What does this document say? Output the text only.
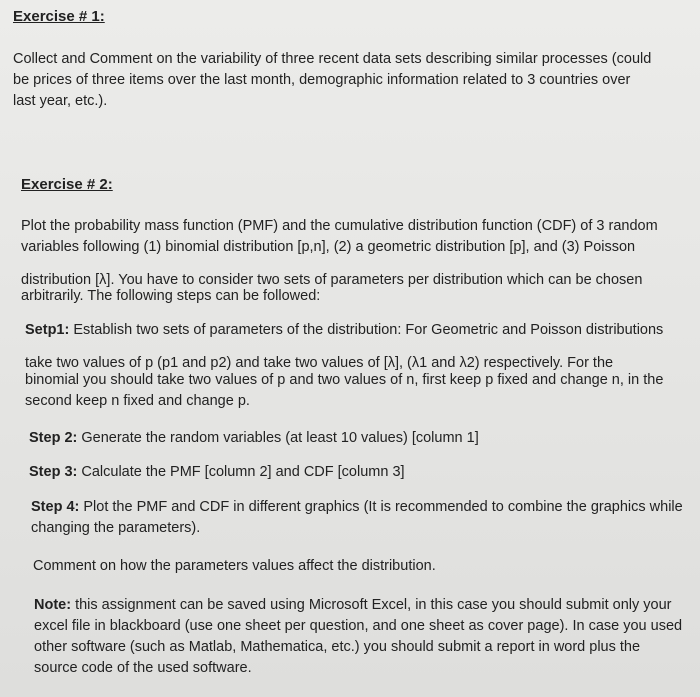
Exercise # 1:
Collect and Comment on the variability of three recent data sets describing similar processes (could
be prices of three items over the last month, demographic information related to 3 countries over
last year, etc.).
Exercise # 2:
Plot the probability mass function (PMF) and the cumulative distribution function (CDF) of 3 random
variables following (1) binomial distribution [p,n], (2) a geometric distribution [p], and (3) Poisson
distribution [λ]. You have to consider two sets of parameters per distribution which can be chosen
arbitrarily. The following steps can be followed:
Setp1: Establish two sets of parameters of the distribution: For Geometric and Poisson distributions
take two values of p (p1 and p2) and take two values of [λ], (λ1 and λ2) respectively. For the
binomial you should take two values of p and two values of n, first keep p fixed and change n, in the
second keep n fixed and change p.
Step 2: Generate the random variables (at least 10 values) [column 1]
Step 3: Calculate the PMF [column 2] and CDF [column 3]
Step 4: Plot the PMF and CDF in different graphics (It is recommended to combine the graphics while
changing the parameters).
Comment on how the parameters values affect the distribution.
Note: this assignment can be saved using Microsoft Excel, in this case you should submit only your
excel file in blackboard (use one sheet per question, and one sheet as cover page). In case you used
other software (such as Matlab, Mathematica, etc.) you should submit a report in word plus the
source code of the used software.
